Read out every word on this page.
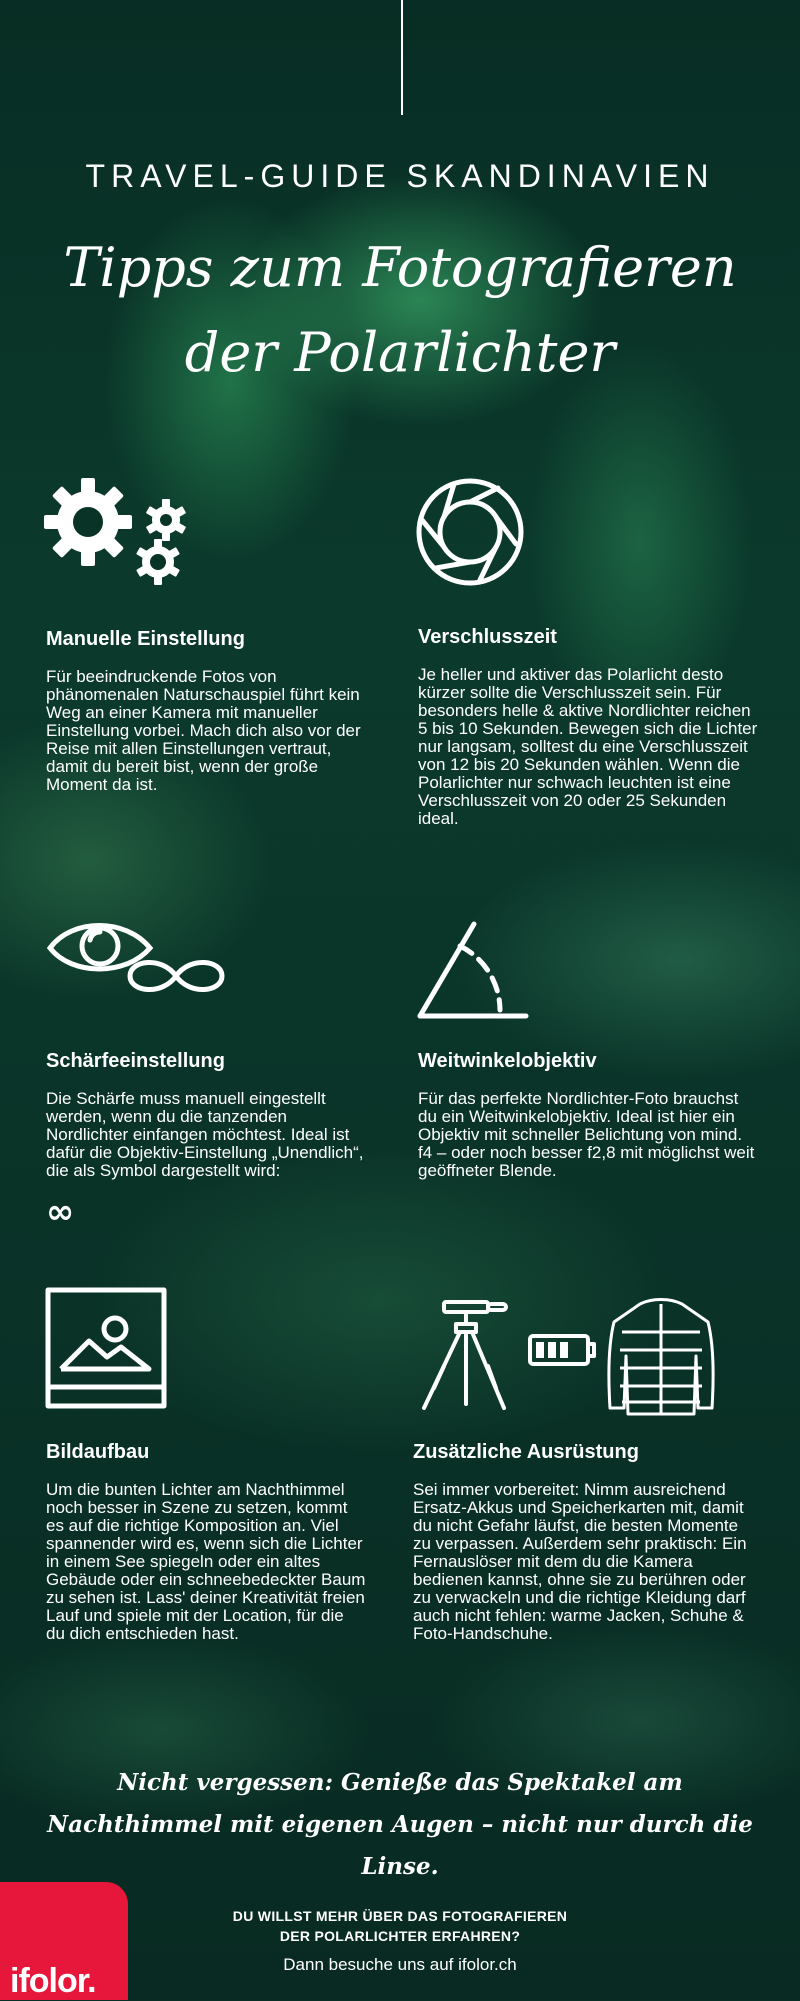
TRAVEL-GUIDE SKANDINAVIEN
Tipps zum Fotografieren der Polarlichter
Manuelle Einstellung
Für beeindruckende Fotos von phänomenalen Naturschauspiel führt kein Weg an einer Kamera mit manueller Einstellung vorbei. Mach dich also vor der Reise mit allen Einstellungen vertraut, damit du bereit bist, wenn der große Moment da ist.
Verschlusszeit
Je heller und aktiver das Polarlicht desto kürzer sollte die Verschlusszeit sein. Für besonders helle & aktive Nordlichter reichen 5 bis 10 Sekunden. Bewegen sich die Lichter nur langsam, solltest du eine Verschlusszeit von 12 bis 20 Sekunden wählen. Wenn die Polarlichter nur schwach leuchten ist eine Verschlusszeit von 20 oder 25 Sekunden ideal.
Schärfeeinstellung
Die Schärfe muss manuell eingestellt werden, wenn du die tanzenden Nordlichter einfangen möchtest. Ideal ist dafür die Objektiv-Einstellung „Unendlich“, die als Symbol dargestellt wird:
∞
Weitwinkelobjektiv
Für das perfekte Nordlichter-Foto brauchst du ein Weitwinkelobjektiv. Ideal ist hier ein Objektiv mit schneller Belichtung von mind. f4 – oder noch besser f2,8 mit möglichst weit geöffneter Blende.
Bildaufbau
Um die bunten Lichter am Nachthimmel noch besser in Szene zu setzen, kommt es auf die richtige Komposition an. Viel spannender wird es, wenn sich die Lichter in einem See spiegeln oder ein altes Gebäude oder ein schneebedeckter Baum zu sehen ist. Lass' deiner Kreativität freien Lauf und spiele mit der Location, für die du dich entschieden hast.
Zusätzliche Ausrüstung
Sei immer vorbereitet: Nimm ausreichend Ersatz-Akkus und Speicherkarten mit, damit du nicht Gefahr läufst, die besten Momente zu verpassen. Außerdem sehr praktisch: Ein Fernauslöser mit dem du die Kamera bedienen kannst, ohne sie zu berühren oder zu verwackeln und die richtige Kleidung darf auch nicht fehlen: warme Jacken, Schuhe & Foto-Handschuhe.
Nicht vergessen: Genieße das Spektakel am Nachthimmel mit eigenen Augen – nicht nur durch die Linse.
ifolor.
DU WILLST MEHR ÜBER DAS FOTOGRAFIEREN
DER POLARLICHTER ERFAHREN?
Dann besuche uns auf ifolor.ch
